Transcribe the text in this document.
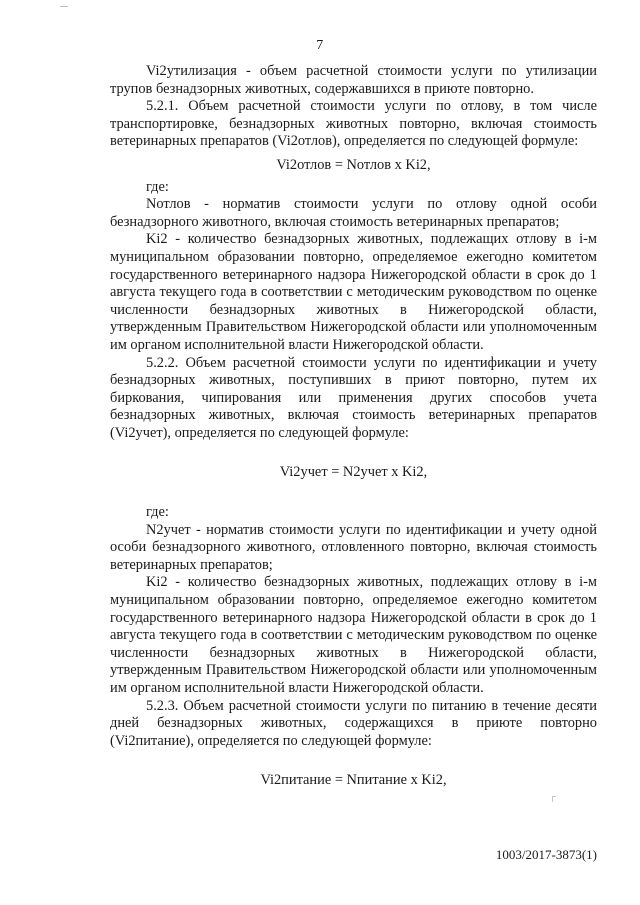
7

Vi2утилизация - объем расчетной стоимости услуги по утилизации трупов безнадзорных животных, содержавшихся в приюте повторно.

5.2.1. Объем расчетной стоимости услуги по отлову, в том числе транспортировке, безнадзорных животных повторно, включая стоимость ветеринарных препаратов (Vi2отлов), определяется по следующей формуле:

Vi2отлов = Nотлов x Ki2,
где:

Nотлов - норматив стоимости услуги по отлову одной особи безнадзорного животного, включая стоимость ветеринарных препаратов;

Ki2 - количество безнадзорных животных, подлежащих отлову в i-м муниципальном образовании повторно, определяемое ежегодно комитетом государственного ветеринарного надзора Нижегородской области в срок до 1 августа текущего года в соответствии с методическим руководством по оценке численности безнадзорных животных в Нижегородской области, утвержденным Правительством Нижегородской области или уполномоченным им органом исполнительной власти Нижегородской области.

5.2.2. Объем расчетной стоимости услуги по идентификации и учету безнадзорных животных, поступивших в приют повторно, путем их биркования, чипирования или применения других способов учета безнадзорных животных, включая стоимость ветеринарных препаратов (Vi2учет), определяется по следующей формуле:

Vi2учет = N2учет x Ki2,
где:

N2учет - норматив стоимости услуги по идентификации и учету одной особи безнадзорного животного, отловленного повторно, включая стоимость ветеринарных препаратов;

Ki2 - количество безнадзорных животных, подлежащих отлову в i-м муниципальном образовании повторно, определяемое ежегодно комитетом государственного ветеринарного надзора Нижегородской области в срок до 1 августа текущего года в соответствии с методическим руководством по оценке численности безнадзорных животных в Нижегородской области, утвержденным Правительством Нижегородской области или уполномоченным им органом исполнительной власти Нижегородской области.

5.2.3. Объем расчетной стоимости услуги по питанию в течение десяти дней безнадзорных животных, содержащихся в приюте повторно (Vi2питание), определяется по следующей формуле:

Vi2питание = Nпитание x Ki2,
1003/2017-3873(1)
